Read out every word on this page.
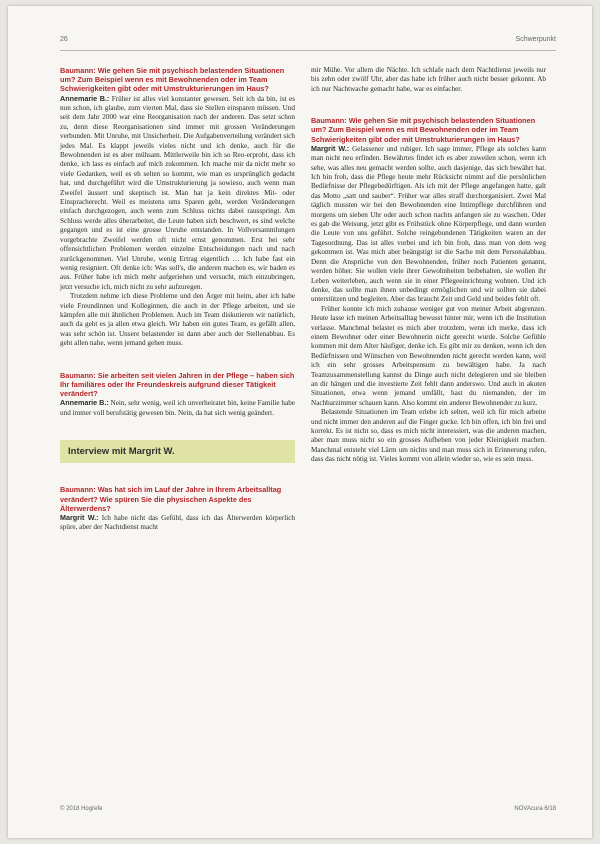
26	Schwerpunkt

Baumann: Wie gehen Sie mit psychisch belastenden Situationen um? Zum Beispiel wenn es mit Bewohnenden oder im Team Schwierigkeiten gibt oder mit Umstrukturierungen im Haus?

Annemarie B.: Früher ist alles viel konstanter gewesen. Seit ich da bin, ist es nun schon, ich glaube, zum vierten Mal, dass sie Stellen einsparen müssen. Und seit dem Jahr 2000 war eine Reorganisation nach der anderen. Das setzt schon zu, denn diese Reorganisationen sind immer mit grossen Veränderungen verbunden. Mit Unruhe, mit Unsicherheit. Die Aufgabenverteilung verändert sich jedes Mal. Es klappt jeweils vieles nicht und ich denke, auch für die Bewohnenden ist es aber mühsam. Mittlerweile bin ich so Reo-erprobt, dass ich denke, ich lass es einfach auf mich zukommen. Ich mache mir da nicht mehr so viele Gedanken, weil es eh selten so kommt, wie man es ursprünglich gedacht hat, und durchgeführt wird die Umstrukturierung ja sowieso, auch wenn man Zweifel äussert und skeptisch ist. Man hat ja kein direktes Mit- oder Einspracherecht. Weil es meistens ums Sparen geht, werden Veränderungen einfach durchgezogen, auch wenn zum Schluss nichts dabei rausspringt. Am Schluss werde alles überarbeitet, die Leute haben sich beschwert, es sind welche gegangen und es ist eine grosse Unruhe entstanden. In Vollversammlungen vorgebrachte Zweifel werden oft nicht ernst genommen. Erst bei sehr offensichtlichen Problemen werden einzelne Entscheidungen nach und nach zurückgenommen. Viel Unruhe, wenig Ertrag eigentlich … Ich habe fast ein wenig resigniert. Oft denke ich: Was soll's, die anderen machen es, wir baden es aus. Früher habe ich mich mehr aufgeriehen und versucht, mich einzubringen, jetzt versuche ich, mich nicht zu sehr aufzuregen.

Trotzdem nehme ich diese Probleme und den Ärger mit heim, aber ich habe viele Freundinnen und Kolleginnen, die auch in der Pflege arbeiten, und sie kämpfen alle mit ähnlichen Problemen. Auch im Team diskutieren wir natürlich, auch da geht es ja allen etwa gleich. Wir haben ein gutes Team, es gefällt allen, was sehr schön ist. Unsere belastender ist dann aber auch der Stellenabbau. Es geht allen nahe, wenn jemand gehen muss.

Baumann: Sie arbeiten seit vielen Jahren in der Pflege – haben sich Ihr familiäres oder Ihr Freundeskreis aufgrund dieser Tätigkeit verändert?

Annemarie B.: Nein, sehr wenig, weil ich unverheiratet bin, keine Familie habe und immer voll berufstätig gewesen bin. Nein, da hat sich wenig geändert.

Interview mit Margrit W.

Baumann: Was hat sich im Lauf der Jahre in Ihrem Arbeitsalltag verändert? Wie spüren Sie die physischen Aspekte des Älterwerdens?

Margrit W.: Ich habe nicht das Gefühl, dass ich das Älterwerden körperlich spüre, aber der Nachtdienst macht

mir Mühe. Vor allem die Nächte. Ich schlafe nach dem Nachtdienst jeweils nur bis zehn oder zwölf Uhr, aber das habe ich früher auch nicht besser gekonnt. Ab ich nur Nachtwache gemacht habe, war es einfacher.

Baumann: Wie gehen Sie mit psychisch belastenden Situationen um? Zum Beispiel wenn es mit Bewohnenden oder im Team Schwierigkeiten gibt oder mit Umstrukturierungen im Haus?

Margrit W.: Gelassener und ruhiger. Ich sage immer, Pflege als solches kann man nicht neu erfinden. Bewährtes findet ich es aber zuweilen schon, wenn ich sehe, was alles neu gemacht werden sollte, auch dasjenige, das sich bewährt hat. Ich bin froh, dass die Pflege heute mehr Rücksicht nimmt auf die persönlichen Bedürfnisse der Pflegebedürftigen. Als ich mit der Pflege angefangen hatte, galt das Motto „satt und sauber“. Früher war alles straff durchorganisiert. Zwei Mal täglich mussten wir bei den Bewohnenden eine Intimpflege durchführen und morgens um sieben Uhr oder auch schon nachts anfangen sie zu waschen. Oder es gab die Weisung, jetzt gibt es Frühstück ohne Körperpflege, und dann wurden die Leute von uns geführt. Solche reingebundenen Tätigkeiten waren an der Tagesordnung. Das ist alles vorbei und ich bin froh, dass man von dem weg gekommen ist. Was mich aber beängstigt ist die Sache mit dem Personalabbau. Denn die Ansprüche von den Bewohnenden, früher noch Patienten genannt, werden höher. Sie wollen viele ihrer Gewohnheiten beibehalten, sie wollen ihr Leben weiterleben, auch wenn sie in einer Pflegeeinrichtung wohnen. Und ich denke, das sollte man ihnen unbedingt ermöglichen und wir sollten sie dabei unterstützen und begleiten. Aber das braucht Zeit und Geld und beides fehlt oft.

Früher konnte ich mich zuhause weniger gut von meiner Arbeit abgrenzen. Heute lasse ich meinen Arbeitsalltag bewusst hinter mir, wenn ich die Institution verlasse. Manchmal belastet es mich aber trotzdem, wenn ich merke, dass ich einem Bewohner oder einer Bewohnerin nicht gerecht wurde. Solche Gefühle kommen mit dem Alter häufiger, denke ich. Es gibt mir zu denken, wenn ich den Bedürfnissen und Wünschen von Bewohnenden nicht gerecht werden kann, weil ich ein sehr grosses Arbeitspensum zu bewältigen habe. Ja nach Teamzusammenstellung kannst du Dinge auch nicht delegieren und sie bleiben an dir hängen und die investierte Zeit fehlt dann anderswo. Und auch in akuten Situationen, etwa wenn jemand umfällt, hast du niemanden, der im Nachbarzimmer schauen kann. Also kommt ein anderer Bewohnender zu kurz.

Belastende Situationen im Team erlebe ich selten, weil ich für mich arbeite und nicht immer den anderen auf die Finger gucke. Ich bin offen, ich bin frei und korrekt. Es ist nicht so, dass es mich nicht interessiert, was die anderen machen, aber man muss nicht so ein grosses Aufheben von jeder Kleinigkeit machen. Manchmal entsteht viel Lärm um nichts und man muss sich in Erinnerung rufen, dass das nicht nötig ist. Vieles kommt von allein wieder so, wie es sein muss.

© 2018 Hogrefe	NOVAcura 6/18
